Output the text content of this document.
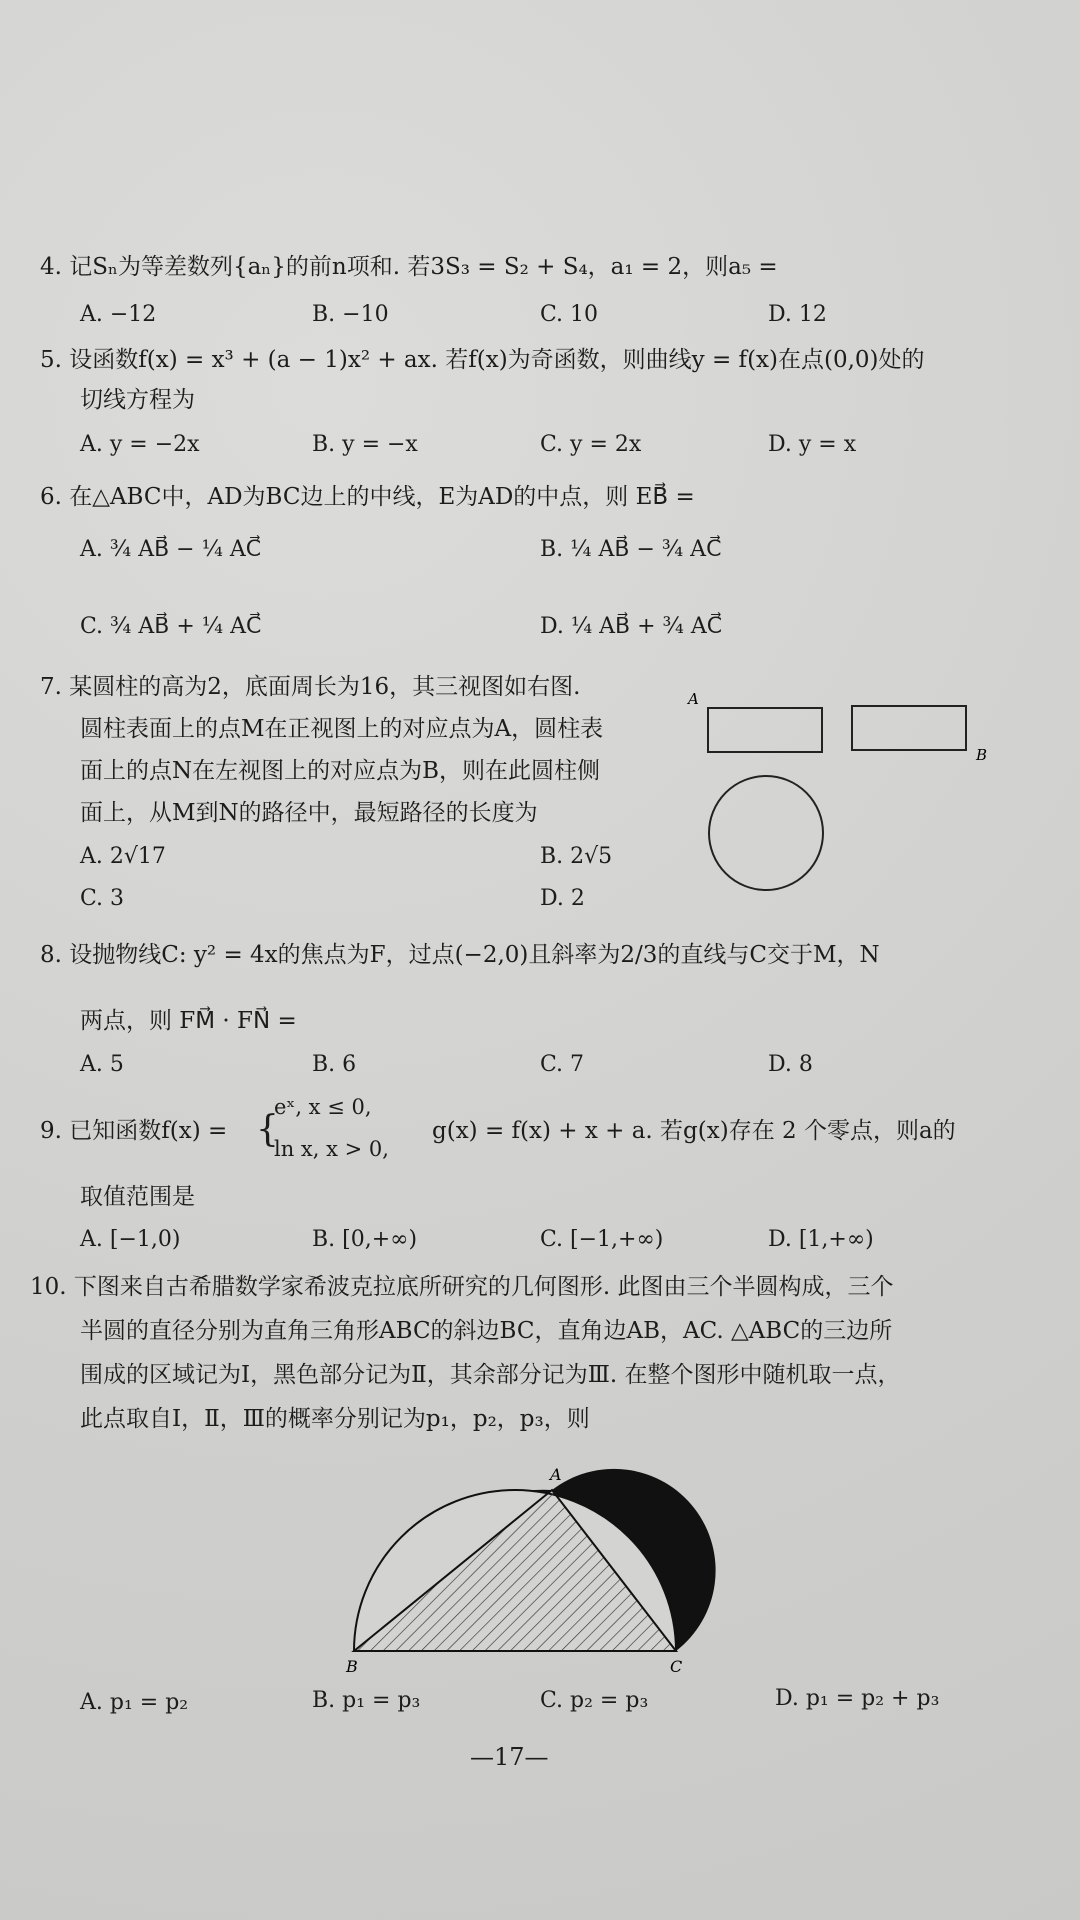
4. 记Sₙ为等差数列{aₙ}的前n项和. 若3S₃ = S₂ + S₄，a₁ = 2，则a₅ =
A. −12	B. −10	C. 10	D. 12
5. 设函数f(x) = x³ + (a − 1)x² + ax. 若f(x)为奇函数，则曲线y = f(x)在点(0,0)处的
切线方程为
A. y = −2x	B. y = −x	C. y = 2x	D. y = x
6. 在△ABC中，AD为BC边上的中线，E为AD的中点，则 EB⃗ =
A. ¾ AB⃗ − ¼ AC⃗	B. ¼ AB⃗ − ¾ AC⃗
C. ¾ AB⃗ + ¼ AC⃗	D. ¼ AB⃗ + ¾ AC⃗
7. 某圆柱的高为2，底面周长为16，其三视图如右图.
圆柱表面上的点M在正视图上的对应点为A，圆柱表
面上的点N在左视图上的对应点为B，则在此圆柱侧
面上，从M到N的路径中，最短路径的长度为
A. 2√17	B. 2√5
C. 3	D. 2
A
B
8. 设抛物线C: y² = 4x的焦点为F，过点(−2,0)且斜率为2/3的直线与C交于M，N
两点，则 FM⃗ · FN⃗ =
A. 5	B. 6	C. 7	D. 8
9. 已知函数f(x) = {
eˣ, x ≤ 0,
ln x, x > 0,
g(x) = f(x) + x + a. 若g(x)存在 2 个零点，则a的
取值范围是
A. [−1,0)	B. [0,+∞)	C. [−1,+∞)	D. [1,+∞)
10. 下图来自古希腊数学家希波克拉底所研究的几何图形. 此图由三个半圆构成，三个
半圆的直径分别为直角三角形ABC的斜边BC，直角边AB，AC. △ABC的三边所
围成的区域记为Ⅰ，黑色部分记为Ⅱ，其余部分记为Ⅲ. 在整个图形中随机取一点，
此点取自Ⅰ，Ⅱ，Ⅲ的概率分别记为p₁，p₂，p₃，则
A
B	C
A. p₁ = p₂	B. p₁ = p₃	C. p₂ = p₃	D. p₁ = p₂ + p₃
—17—
